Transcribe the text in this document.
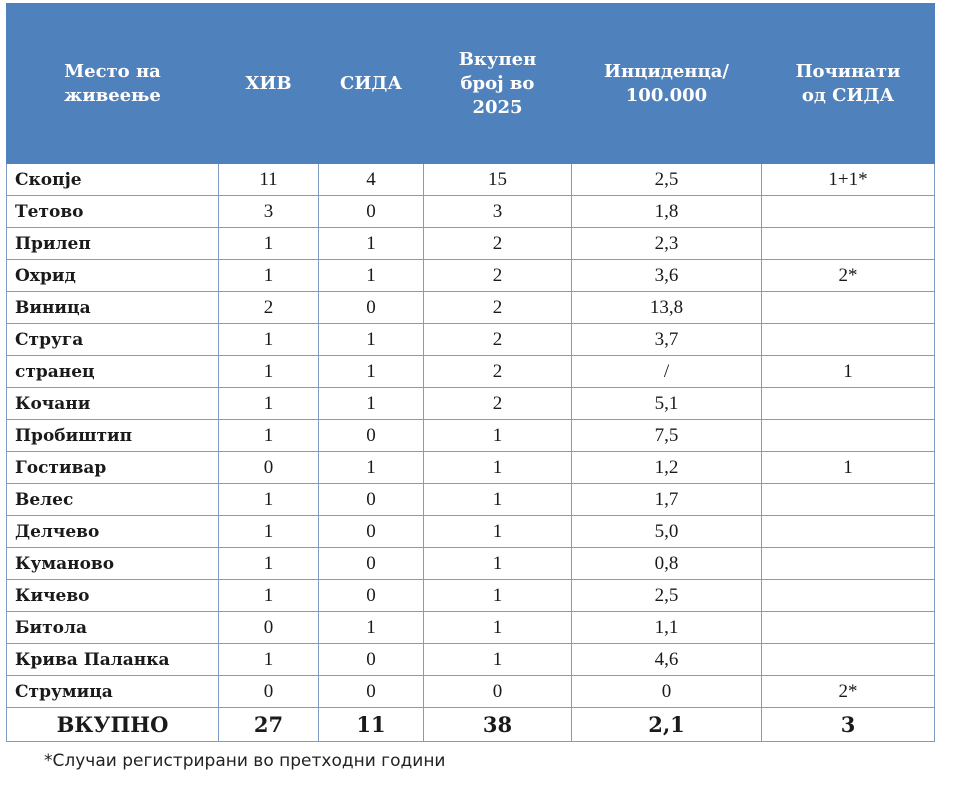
Место на живеење	ХИВ	СИДА	Вкупен број во 2025	Инциденца/ 100.000	Починати од СИДА

Скопје	11	4	15	2,5	1+1*
Тетово	3	0	3	1,8	
Прилеп	1	1	2	2,3	
Охрид	1	1	2	3,6	2*
Виница	2	0	2	13,8	
Струга	1	1	2	3,7	
странец	1	1	2	/	1
Кочани	1	1	2	5,1	
Пробиштип	1	0	1	7,5	
Гостивар	0	1	1	1,2	1
Велес	1	0	1	1,7	
Делчево	1	0	1	5,0	
Куманово	1	0	1	0,8	
Кичево	1	0	1	2,5	
Битола	0	1	1	1,1	
Крива Паланка	1	0	1	4,6	
Струмица	0	0	0	0	2*
ВКУПНО	27	11	38	2,1	3
*Случаи регистрирани во претходни години
